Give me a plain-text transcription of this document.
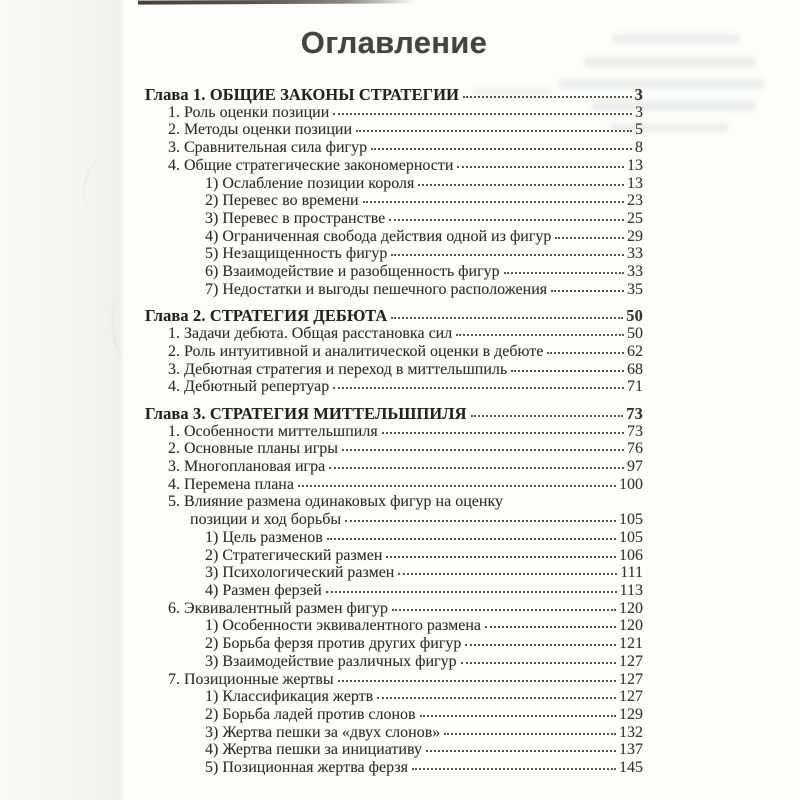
Оглавление
Глава 1. ОБЩИЕ ЗАКОНЫ СТРАТЕГИИ	3
1. Роль оценки позиции	3
2. Методы оценки позиции	5
3. Сравнительная сила фигур	8
4. Общие стратегические закономерности	13
1) Ослабление позиции короля	13
2) Перевес во времени	23
3) Перевес в пространстве	25
4) Ограниченная свобода действия одной из фигур	29
5) Незащищенность фигур	33
6) Взаимодействие и разобщенность фигур	33
7) Недостатки и выгоды пешечного расположения	35
Глава 2. СТРАТЕГИЯ ДЕБЮТА	50
1. Задачи дебюта. Общая расстановка сил	50
2. Роль интуитивной и аналитической оценки в дебюте	62
3. Дебютная стратегия и переход в миттельшпиль	68
4. Дебютный репертуар	71
Глава 3. СТРАТЕГИЯ МИТТЕЛЬШПИЛЯ	73
1. Особенности миттельшпиля	73
2. Основные планы игры	76
3. Многоплановая игра	97
4. Перемена плана	100
5. Влияние размена одинаковых фигур на оценку
позиции и ход борьбы	105
1) Цель разменов	105
2) Стратегический размен	106
3) Психологический размен	111
4) Размен ферзей	113
6. Эквивалентный размен фигур	120
1) Особенности эквивалентного размена	120
2) Борьба ферзя против других фигур	121
3) Взаимодействие различных фигур	127
7. Позиционные жертвы	127
1) Классификация жертв	127
2) Борьба ладей против слонов	129
3) Жертва пешки за «двух слонов»	132
4) Жертва пешки за инициативу	137
5) Позиционная жертва ферзя	145
